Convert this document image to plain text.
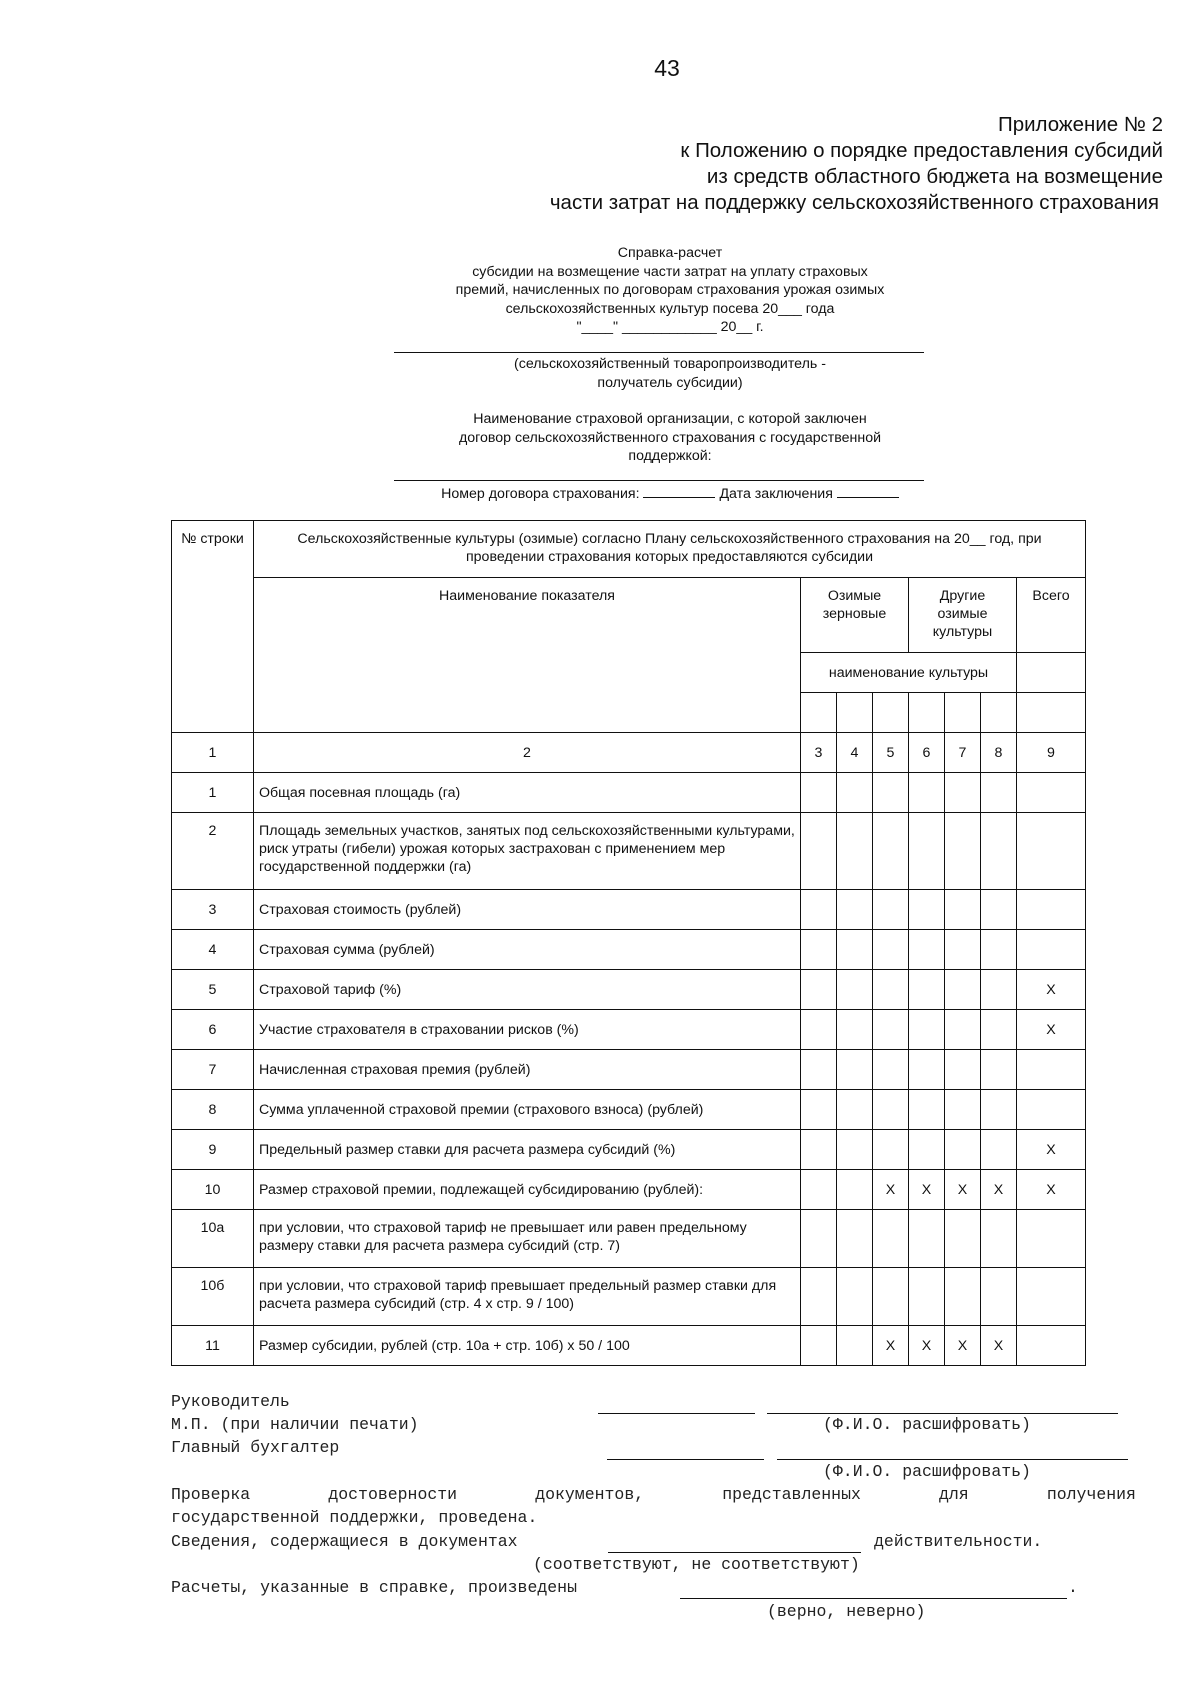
43
Приложение № 2
к Положению о порядке предоставления субсидий
из средств областного бюджета на возмещение
части затрат на поддержку сельскохозяйственного страхования
Справка-расчет
субсидии на возмещение части затрат на уплату страховых
премий, начисленных по договорам страхования урожая озимых
сельскохозяйственных культур посева 20___ года
"____" ____________ 20__ г.
(сельскохозяйственный товаропроизводитель -
получатель субсидии)
Наименование страховой организации, с которой заключен
договор сельскохозяйственного страхования с государственной
поддержкой:
Номер договора страхования:	Дата заключения
№ строки	Сельскохозяйственные культуры (озимые) согласно Плану сельскохозяйственного страхования на 20__ год, при проведении страхования которых предоставляются субсидии							
	Наименование показателя	Озимые зерновые			Другие озимые культуры			Всего
		наименование культуры						

1	2	3	4	5	6	7	8	9
1	Общая посевная площадь (га)							
2	Площадь земельных участков, занятых под сельскохозяйственными культурами, риск утраты (гибели) урожая которых застрахован с применением мер государственной поддержки (га)							
3	Страховая стоимость (рублей)							
4	Страховая сумма (рублей)							
5	Страховой тариф (%)							X
6	Участие страхователя в страховании рисков (%)							X
7	Начисленная страховая премия (рублей)							
8	Сумма уплаченной страховой премии (страхового взноса) (рублей)							
9	Предельный размер ставки для расчета размера субсидий (%)							X
10	Размер страховой премии, подлежащей субсидированию (рублей):			X	X	X	X	X
10а	при условии, что страховой тариф не превышает или равен предельному размеру ставки для расчета размера субсидий (стр. 7)							
10б	при условии, что страховой тариф превышает предельный размер ставки для расчета размера субсидий (стр. 4 x стр. 9 / 100)							
11	Размер субсидии, рублей (стр. 10а + стр. 10б) x 50 / 100			X	X	X	X	
Руководитель
М.П. (при наличии печати)	(Ф.И.О. расшифровать)
Главный бухгалтер
(Ф.И.О. расшифровать)
Проверка	достоверности	документов,	представленных	для	получения
государственной поддержки, проведена.
Сведения, содержащиеся в документах	действительности.
(соответствуют, не соответствуют)
Расчеты, указанные в справке, произведены	.
(верно, неверно)
